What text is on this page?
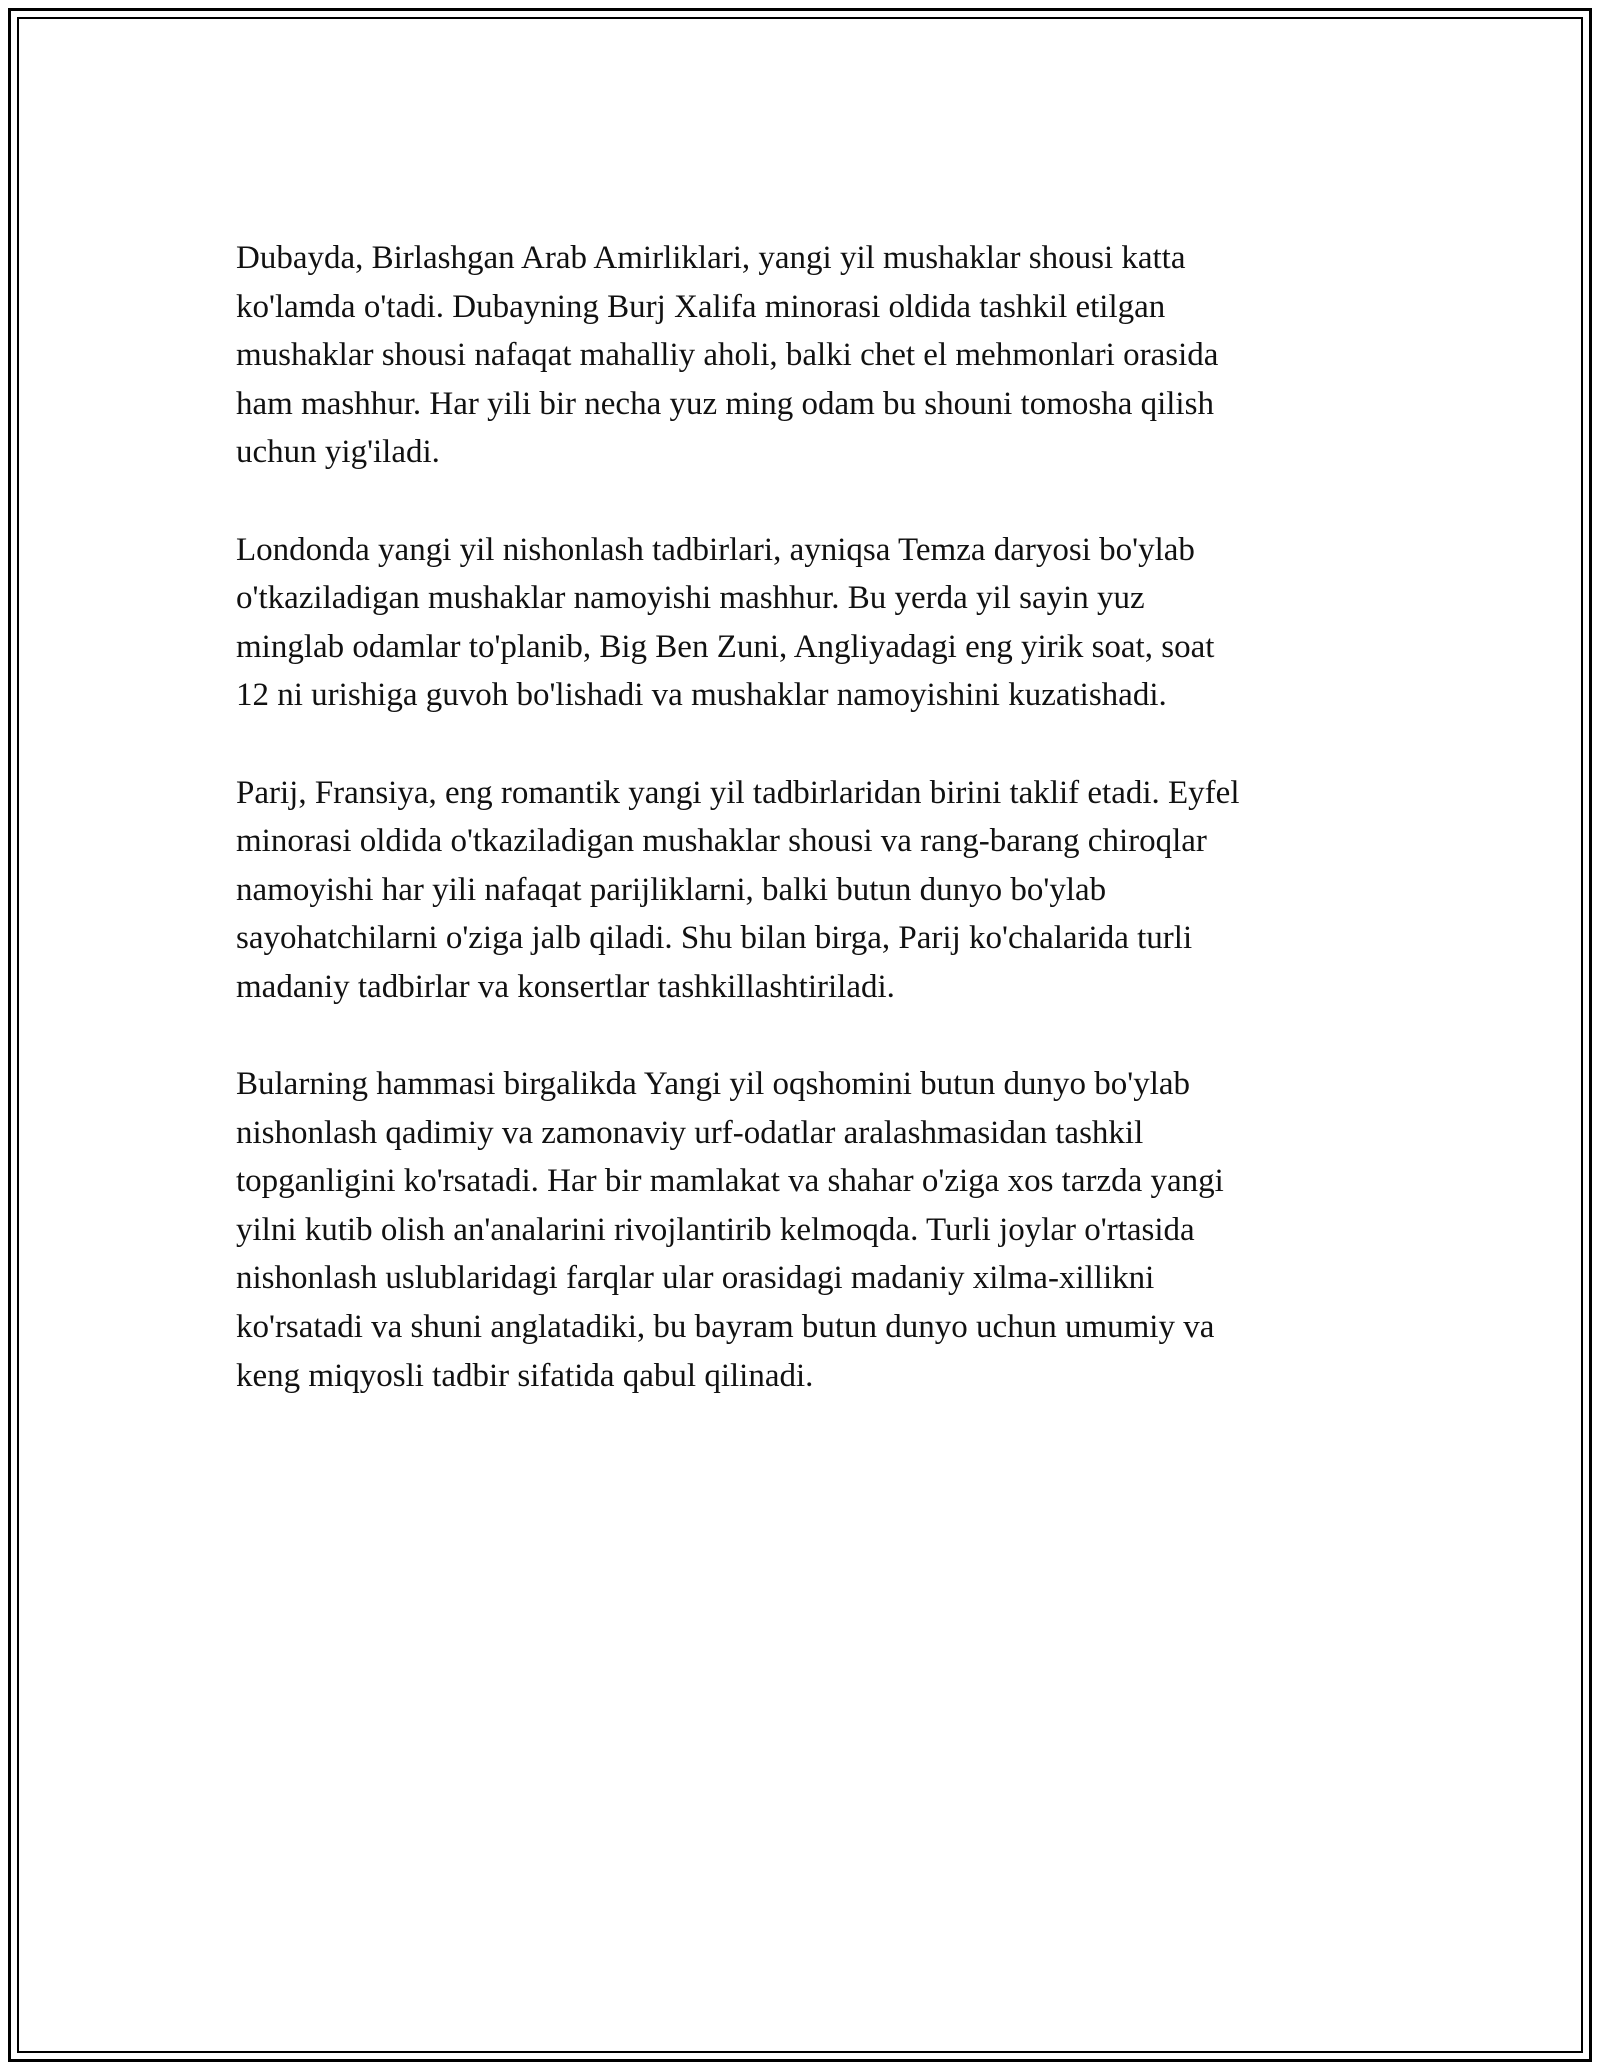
Dubayda, Birlashgan Arab Amirliklari, yangi yil mushaklar shousi katta
ko'lamda o'tadi. Dubayning Burj Xalifa minorasi oldida tashkil etilgan
mushaklar shousi nafaqat mahalliy aholi, balki chet el mehmonlari orasida
ham mashhur. Har yili bir necha yuz ming odam bu shouni tomosha qilish
uchun yig'iladi.

Londonda yangi yil nishonlash tadbirlari, ayniqsa Temza daryosi bo'ylab
o'tkaziladigan mushaklar namoyishi mashhur. Bu yerda yil sayin yuz
minglab odamlar to'planib, Big Ben Zuni, Angliyadagi eng yirik soat, soat
12 ni urishiga guvoh bo'lishadi va mushaklar namoyishini kuzatishadi.

Parij, Fransiya, eng romantik yangi yil tadbirlaridan birini taklif etadi. Eyfel
minorasi oldida o'tkaziladigan mushaklar shousi va rang-barang chiroqlar
namoyishi har yili nafaqat parijliklarni, balki butun dunyo bo'ylab
sayohatchilarni o'ziga jalb qiladi. Shu bilan birga, Parij ko'chalarida turli
madaniy tadbirlar va konsertlar tashkillashtiriladi.

Bularning hammasi birgalikda Yangi yil oqshomini butun dunyo bo'ylab
nishonlash qadimiy va zamonaviy urf-odatlar aralashmasidan tashkil
topganligini ko'rsatadi. Har bir mamlakat va shahar o'ziga xos tarzda yangi
yilni kutib olish an'analarini rivojlantirib kelmoqda. Turli joylar o'rtasida
nishonlash uslublaridagi farqlar ular orasidagi madaniy xilma-xillikni
ko'rsatadi va shuni anglatadiki, bu bayram butun dunyo uchun umumiy va
keng miqyosli tadbir sifatida qabul qilinadi.
